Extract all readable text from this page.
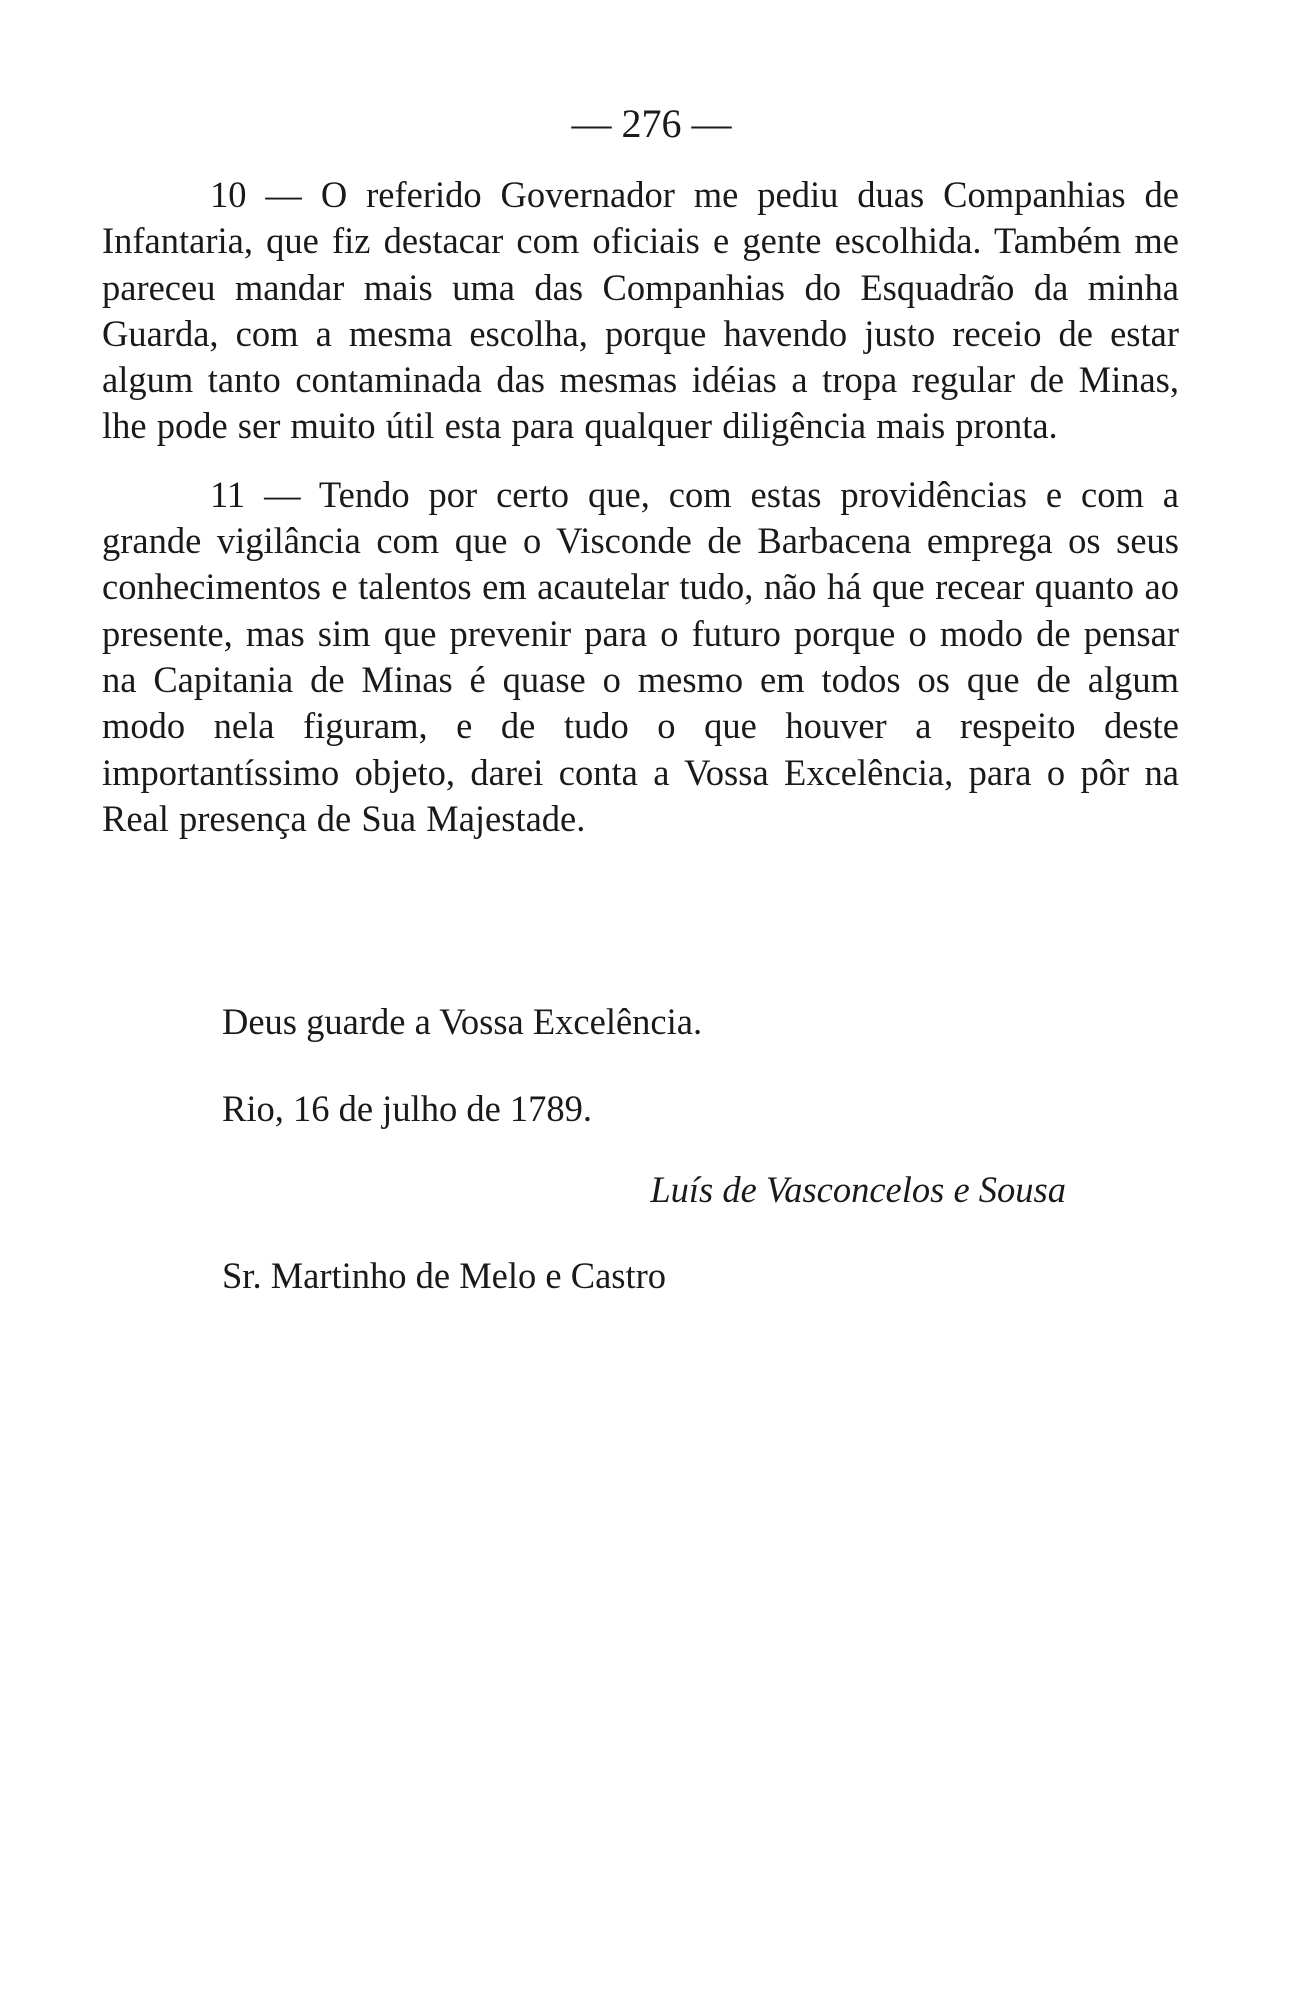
— 276 —

10 — O referido Governador me pediu duas Companhias de Infantaria, que fiz destacar com oficiais e gente escolhida. Também me pareceu mandar mais uma das Companhias do Esquadrão da minha Guarda, com a mesma escolha, porque havendo justo receio de estar algum tanto contaminada das mesmas idéias a tropa regular de Minas, lhe pode ser muito útil esta para qualquer diligência mais pronta.

11 — Tendo por certo que, com estas providências e com a grande vigilância com que o Visconde de Barbacena emprega os seus conhecimentos e talentos em acautelar tudo, não há que recear quanto ao presente, mas sim que prevenir para o futuro porque o modo de pensar na Capitania de Minas é quase o mesmo em todos os que de algum modo nela figuram, e de tudo o que houver a respeito deste importantíssimo objeto, darei conta a Vossa Excelência, para o pôr na Real presença de Sua Majestade.

Deus guarde a Vossa Excelência.
Rio, 16 de julho de 1789.
Luís de Vasconcelos e Sousa
Sr. Martinho de Melo e Castro
